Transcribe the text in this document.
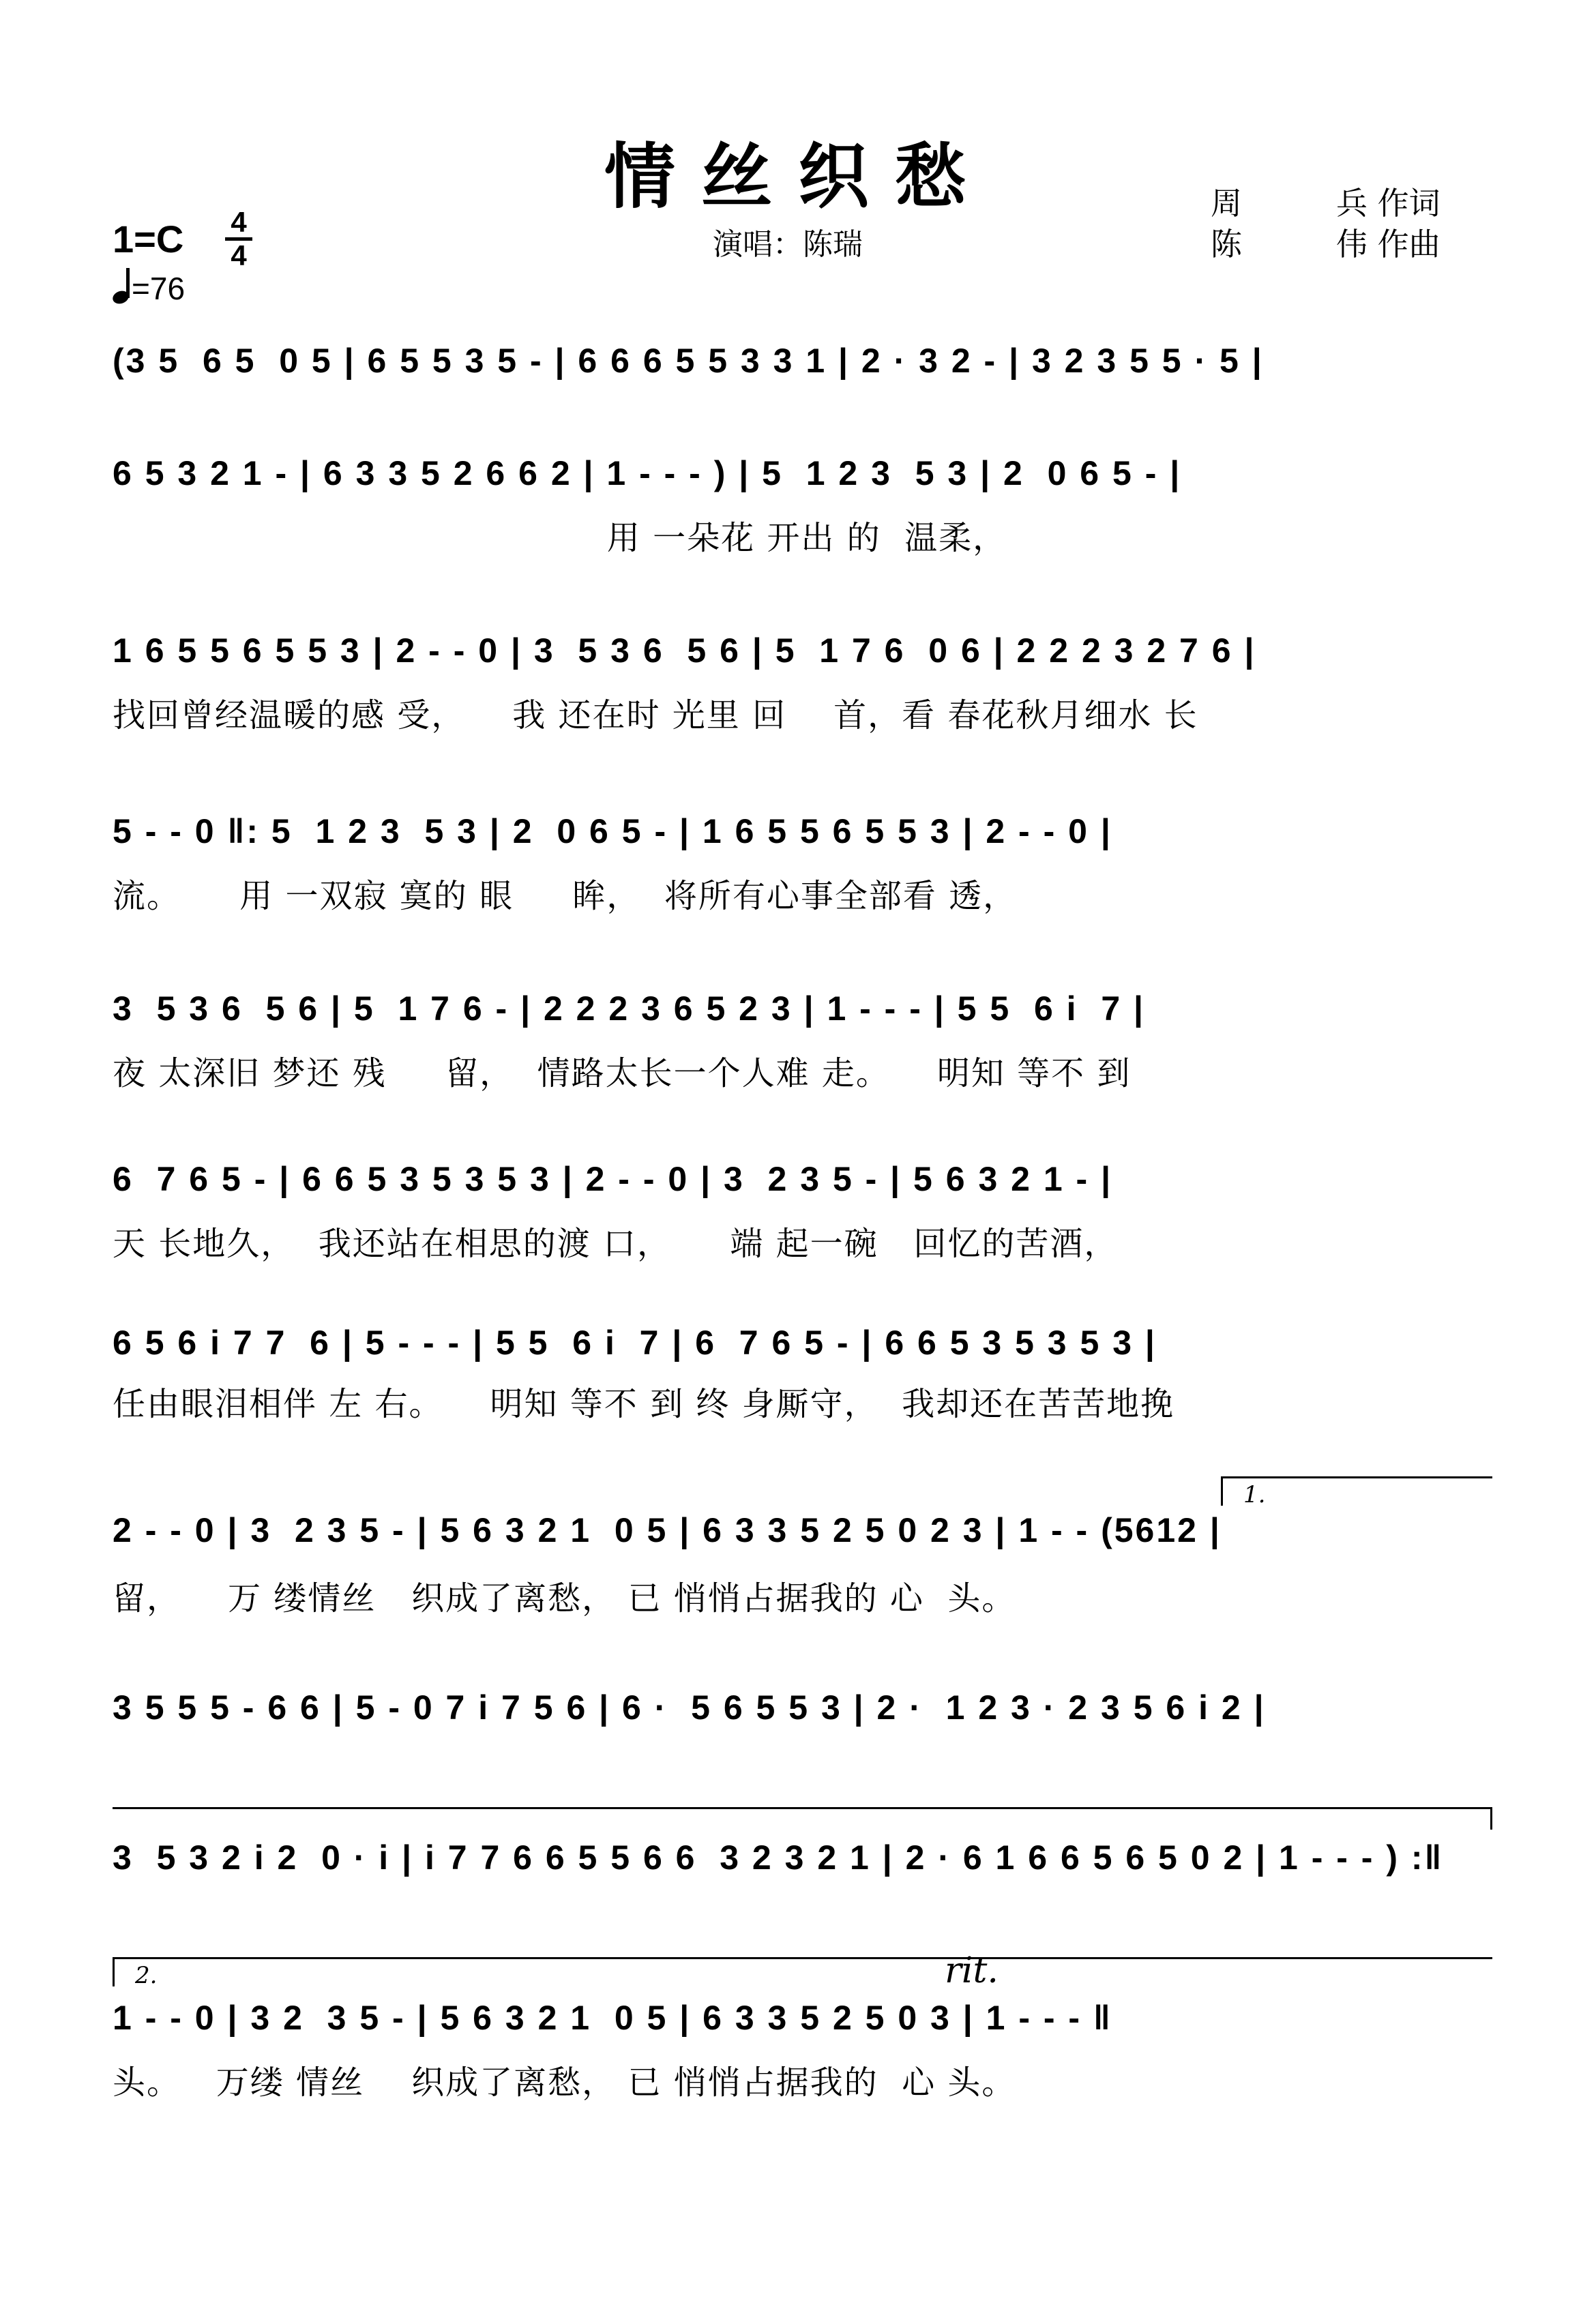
情丝织愁	周　　　兵 作词
陈　　　伟 作曲
演唱：陈瑞
1=C 4
4
=76
(3 5  6 5  0 5 | 6 5 5 3 5 - | 6 6 6 5 5 3 3 1 | 2 · 3 2 - | 3 2 3 5 5 · 5 |
6 5 3 2 1 - | 6 3 3 5 2 6 6 2 | 1 - - - ) | 5  1 2 3  5 3 | 2  0 6 5 - |
用 一朵花 开出 的  温柔，
1 6 5 5 6 5 5 3 | 2 - - 0 | 3  5 3 6  5 6 | 5  1 7 6  0 6 | 2 2 2 3 2 7 6 |
找回曾经温暖的感 受，    我 还在时 光里 回    首，看 春花秋月细水 长
5 - - 0 ‖: 5  1 2 3  5 3 | 2  0 6 5 - | 1 6 5 5 6 5 5 3 | 2 - - 0 |
流。     用 一双寂 寞的 眼     眸，  将所有心事全部看 透，
3  5 3 6  5 6 | 5  1 7 6 - | 2 2 2 3 6 5 2 3 | 1 - - - | 5 5  6 i  7 |
夜 太深旧 梦还 残     留，  情路太长一个人难 走。    明知 等不 到
6  7 6 5 - | 6 6 5 3 5 3 5 3 | 2 - - 0 | 3  2 3 5 - | 5 6 3 2 1 - |
天 长地久，  我还站在相思的渡 口，     端 起一碗   回忆的苦酒，
6 5 6 i 7 7  6 | 5 - - - | 5 5  6 i  7 | 6  7 6 5 - | 6 6 5 3 5 3 5 3 |
任由眼泪相伴 左 右。    明知 等不 到 终 身厮守，  我却还在苦苦地挽
1.
2 - - 0 | 3  2 3 5 - | 5 6 3 2 1  0 5 | 6 3 3 5 2 5 0 2 3 | 1 - - (5612 |
留，    万 缕情丝   织成了离愁， 已 悄悄占据我的 心  头。
3 5 5 5 - 6 6 | 5 - 0 7 i 7 5 6 | 6 ·  5 6 5 5 3 | 2 ·  1 2 3 · 2 3 5 6 i 2 |
3  5 3 2 i 2  0 · i | i 7 7 6 6 5 5 6 6  3 2 3 2 1 | 2 · 6 1 6 6 5 6 5 0 2 | 1 - - - ) :‖
2.	rit.
1 - - 0 | 3 2  3 5 - | 5 6 3 2 1  0 5 | 6 3 3 5 2 5 0 3 | 1 - - - ‖
头。   万缕 情丝    织成了离愁， 已 悄悄占据我的  心 头。
